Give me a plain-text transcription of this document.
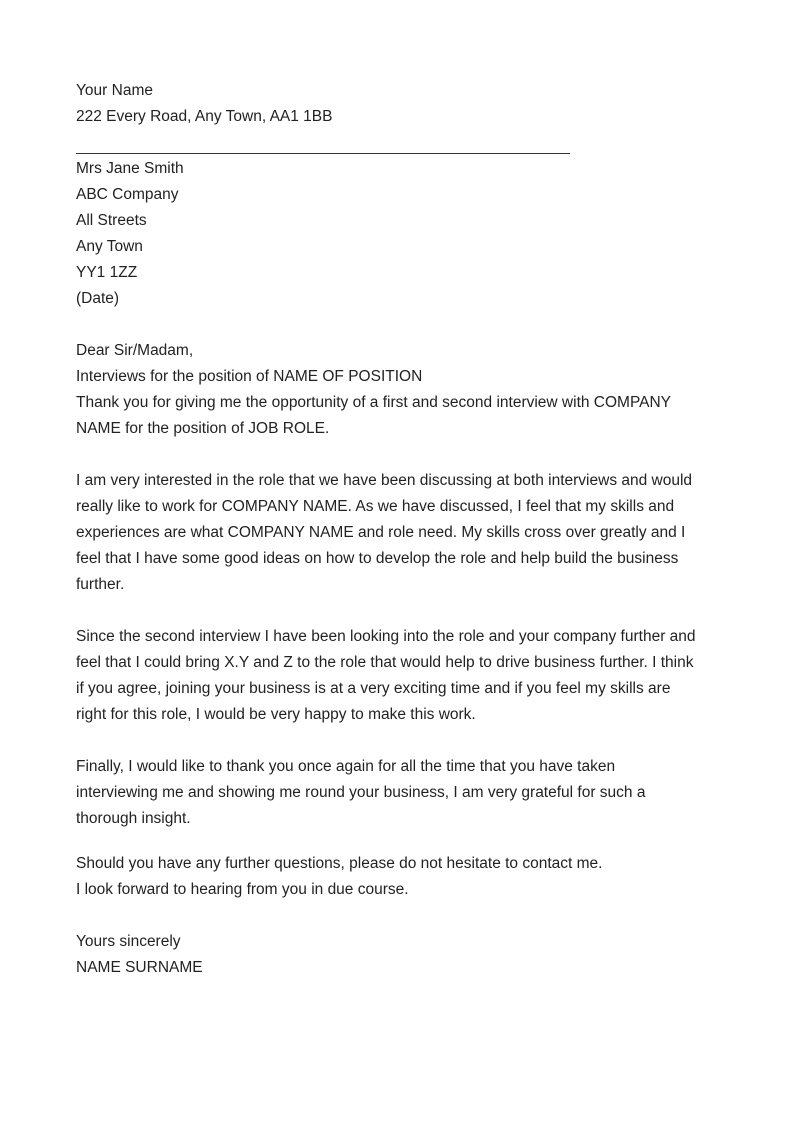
Your Name
222 Every Road, Any Town, AA1 1BB
Mrs Jane Smith
ABC Company
All Streets
Any Town
YY1 1ZZ
(Date)
Dear Sir/Madam,
Interviews for the position of NAME OF POSITION
Thank you for giving me the opportunity of a first and second interview with COMPANY
NAME for the position of JOB ROLE.
I am very interested in the role that we have been discussing at both interviews and would
really like to work for COMPANY NAME. As we have discussed, I feel that my skills and
experiences are what COMPANY NAME and role need. My skills cross over greatly and I
feel that I have some good ideas on how to develop the role and help build the business
further.
Since the second interview I have been looking into the role and your company further and
feel that I could bring X.Y and Z to the role that would help to drive business further. I think
if you agree, joining your business is at a very exciting time and if you feel my skills are
right for this role, I would be very happy to make this work.
Finally, I would like to thank you once again for all the time that you have taken
interviewing me and showing me round your business, I am very grateful for such a
thorough insight.
Should you have any further questions, please do not hesitate to contact me.
I look forward to hearing from you in due course.
Yours sincerely
NAME SURNAME
